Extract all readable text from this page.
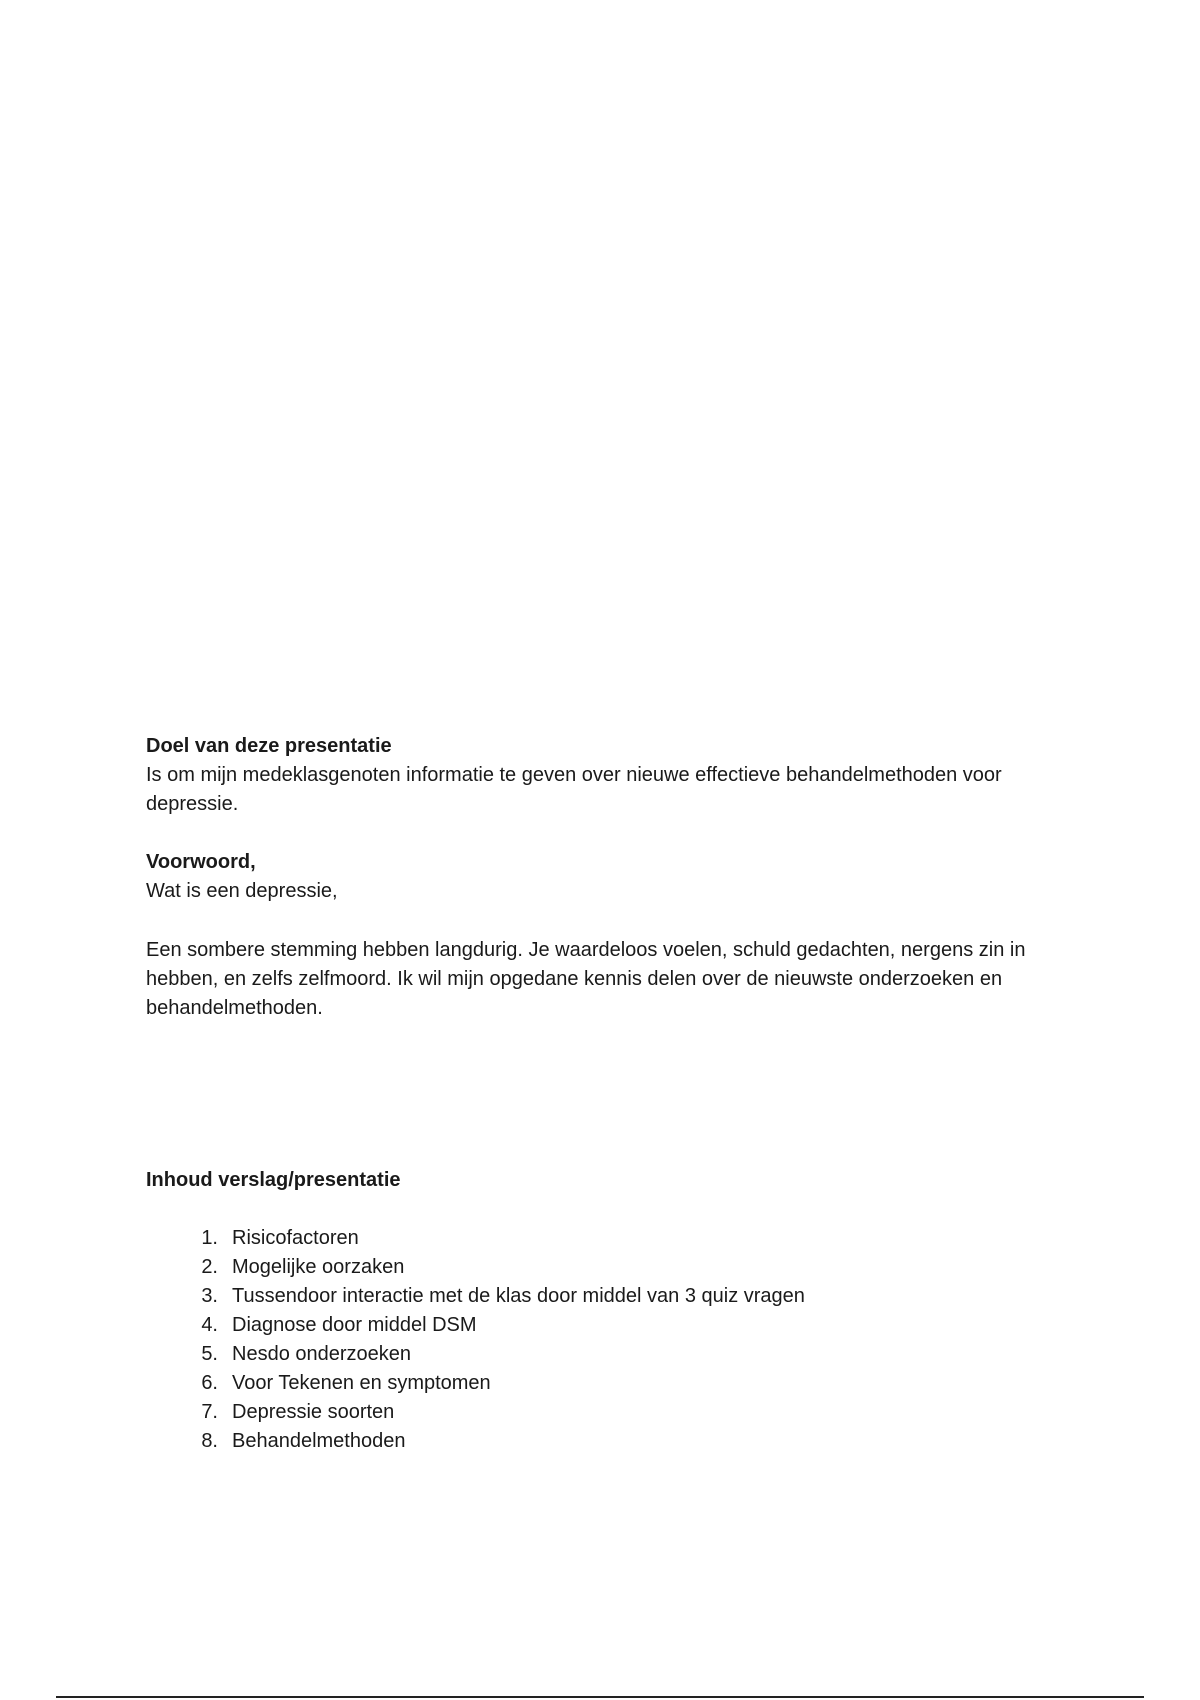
Doel van deze presentatie

Is om mijn medeklasgenoten informatie te geven over nieuwe effectieve behandelmethoden voor depressie.

Voorwoord,

Wat is een depressie,

Een sombere stemming hebben langdurig. Je waardeloos voelen, schuld gedachten, nergens zin in hebben, en zelfs zelfmoord. Ik wil mijn opgedane kennis delen over de nieuwste onderzoeken en behandelmethoden.

Inhoud verslag/presentatie

1. Risicofactoren
2. Mogelijke oorzaken
3. Tussendoor interactie met de klas door middel van 3 quiz vragen
4. Diagnose door middel DSM
5. Nesdo onderzoeken
6. Voor Tekenen en symptomen
7. Depressie soorten
8. Behandelmethoden
